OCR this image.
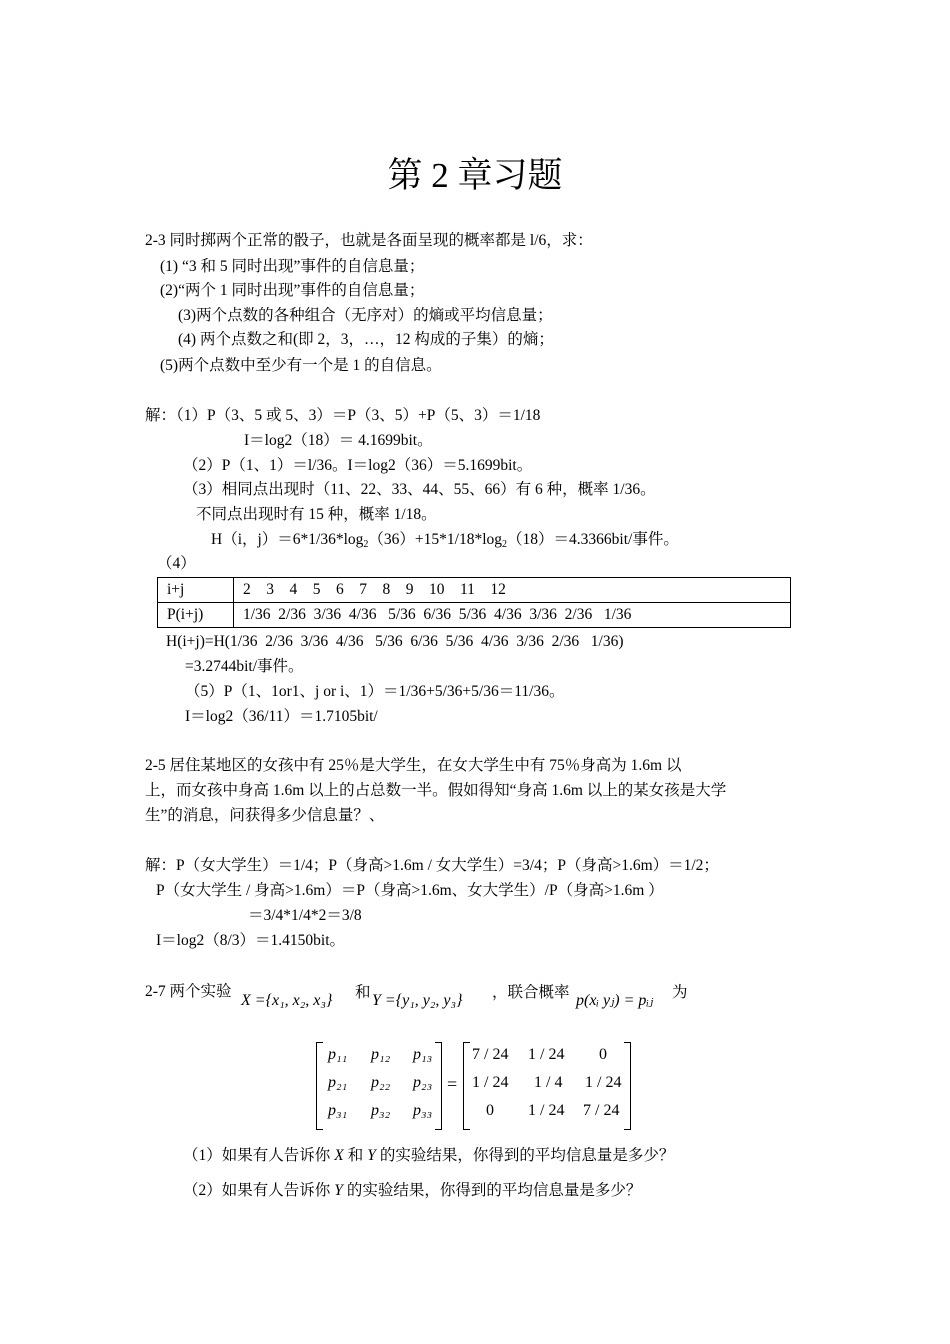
第 2 章习题
2-3 同时掷两个正常的骰子，也就是各面呈现的概率都是 l/6，求：
(1) “3 和 5 同时出现”事件的自信息量；
(2)“两个 1 同时出现”事件的自信息量；
(3)两个点数的各种组合（无序对）的熵或平均信息量；
(4) 两个点数之和(即 2，3，…，12 构成的子集）的熵；
(5)两个点数中至少有一个是 1 的自信息。
解：（1）P（3、5 或 5、3）＝P（3、5）+P（5、3）＝1/18
I＝log2（18）＝ 4.1699bit。
（2）P（1、1）＝l/36。I＝log2（36）＝5.1699bit。
（3）相同点出现时（11、22、33、44、55、66）有 6 种，概率 1/36。
不同点出现时有 15 种，概率 1/18。
H（i，$j)=6*1/36*\log_2(36)+15*1/18*\log_2(18)=4.3366bit/$事件。
（4）
i+j	2    3    4    5    6    7    8    9    10    11    12
P(i+j)	1/36  2/36  3/36  4/36   5/36  6/36  5/36  4/36  3/36  2/36   1/36
H(i+j)=H(1/36  2/36  3/36  4/36   5/36  6/36  5/36  4/36  3/36  2/36   1/36)
=3.2744bit/事件。
（5）P（1、1or1、j or i、1）＝1/36+5/36+5/36＝11/36。
I＝log2（36/11）＝1.7105bit/
2-5 居住某地区的女孩中有 25％是大学生，在女大学生中有 75％身高为 1.6m 以
上，而女孩中身高 1.6m 以上的占总数一半。假如得知“身高 1.6m 以上的某女孩是大学
生”的消息，问获得多少信息量？、
解：P（女大学生）＝1/4；P（身高>1.6m / 女大学生）=3/4；P（身高>1.6m）＝1/2；
P（女大学生 / 身高>1.6m）＝P（身高>1.6m、女大学生）/P（身高>1.6m ）
＝3/4*1/4*2＝3/8
I＝log2（8/3）＝1.4150bit。
2-7 两个实验
X ={x₁, x₂, x₃} 和 Y ={y₁, y₂, y₃} ，联合概率 p(xᵢ yⱼ) = pᵢⱼ 为
p₁₁ p₁₂ p₁₃
p₂₁ p₂₂ p₂₃
p₃₁ p₃₂ p₃₃
=
7 / 24 1 / 24 0
1 / 24 1 / 4 1 / 24
0 1 / 24 7 / 24
（1）如果有人告诉你 X 和 Y 的实验结果，你得到的平均信息量是多少？
（2）如果有人告诉你 Y 的实验结果，你得到的平均信息量是多少？
